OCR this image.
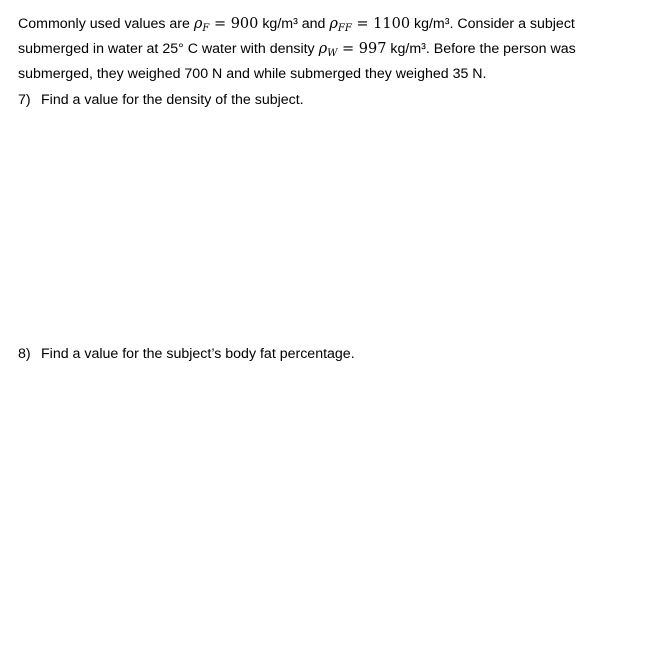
Commonly used values are $\rho_F = 900$ kg/m³ and $\rho_{FF} = 1100$ kg/m³. Consider a subject submerged in water at 25° C water with density $\rho_W = 997$ kg/m³. Before the person was submerged, they weighed 700 N and while submerged they weighed 35 N.

7) Find a value for the density of the subject.

8) Find a value for the subject’s body fat percentage.
